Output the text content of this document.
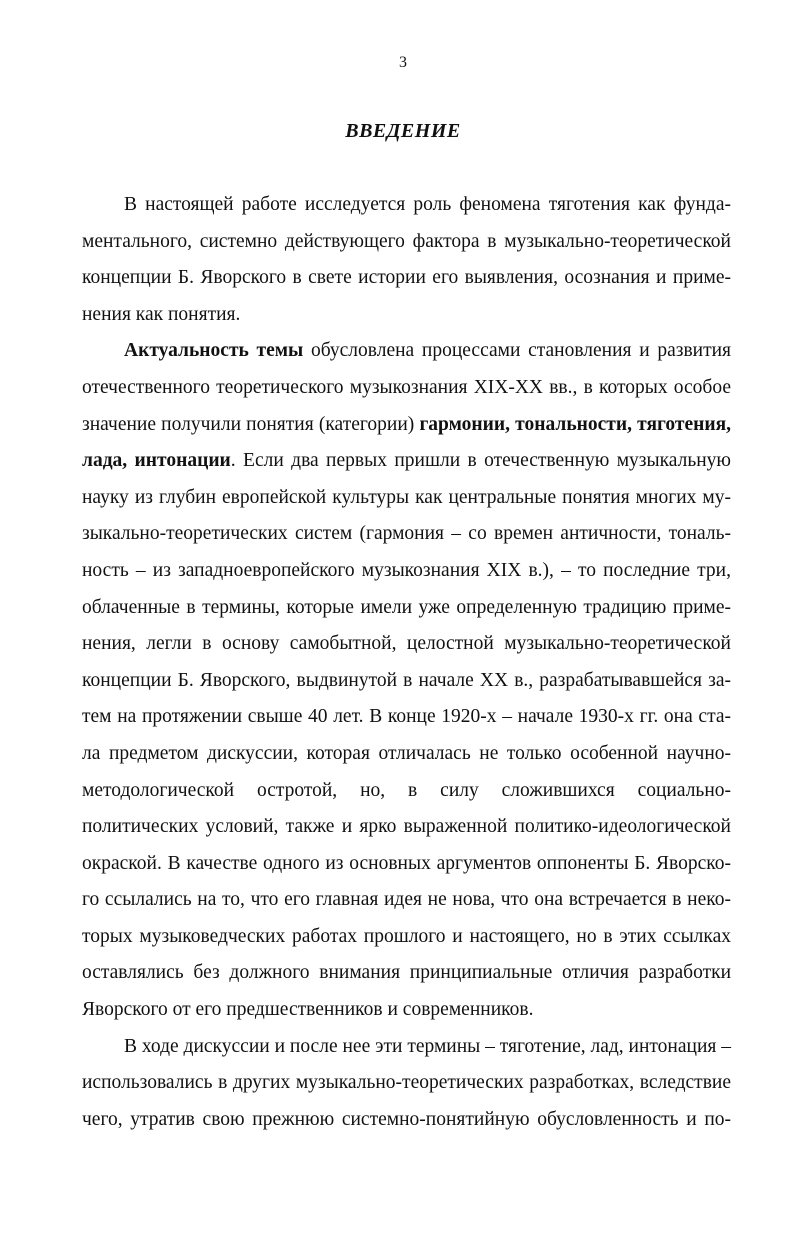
3
ВВЕДЕНИЕ
В настоящей работе исследуется роль феномена тяготения как фунда-
ментального, системно действующего фактора в музыкально-теоретической
концепции Б. Яворского в свете истории его выявления, осознания и приме-
нения как понятия.
Актуальность темы обусловлена процессами становления и развития
отечественного теоретического музыкознания XIX-XX вв., в которых особое
значение получили понятия (категории) гармонии, тональности, тяготения,
лада, интонации. Если два первых пришли в отечественную музыкальную
науку из глубин европейской культуры как центральные понятия многих му-
зыкально-теоретических систем (гармония – со времен античности, тональ-
ность – из западноевропейского музыкознания XIX в.), – то последние три,
облаченные в термины, которые имели уже определенную традицию приме-
нения, легли в основу самобытной, целостной музыкально-теоретической
концепции Б. Яворского, выдвинутой в начале XX в., разрабатывавшейся за-
тем на протяжении свыше 40 лет. В конце 1920-х – начале 1930-х гг. она ста-
ла предметом дискуссии, которая отличалась не только особенной научно-
методологической остротой, но, в силу сложившихся социально-
политических условий, также и ярко выраженной политико-идеологической
окраской. В качестве одного из основных аргументов оппоненты Б. Яворско-
го ссылались на то, что его главная идея не нова, что она встречается в неко-
торых музыковедческих работах прошлого и настоящего, но в этих ссылках
оставлялись без должного внимания принципиальные отличия разработки
Яворского от его предшественников и современников.
В ходе дискуссии и после нее эти термины – тяготение, лад, интонация –
использовались в других музыкально-теоретических разработках, вследствие
чего, утратив свою прежнюю системно-понятийную обусловленность и по-
